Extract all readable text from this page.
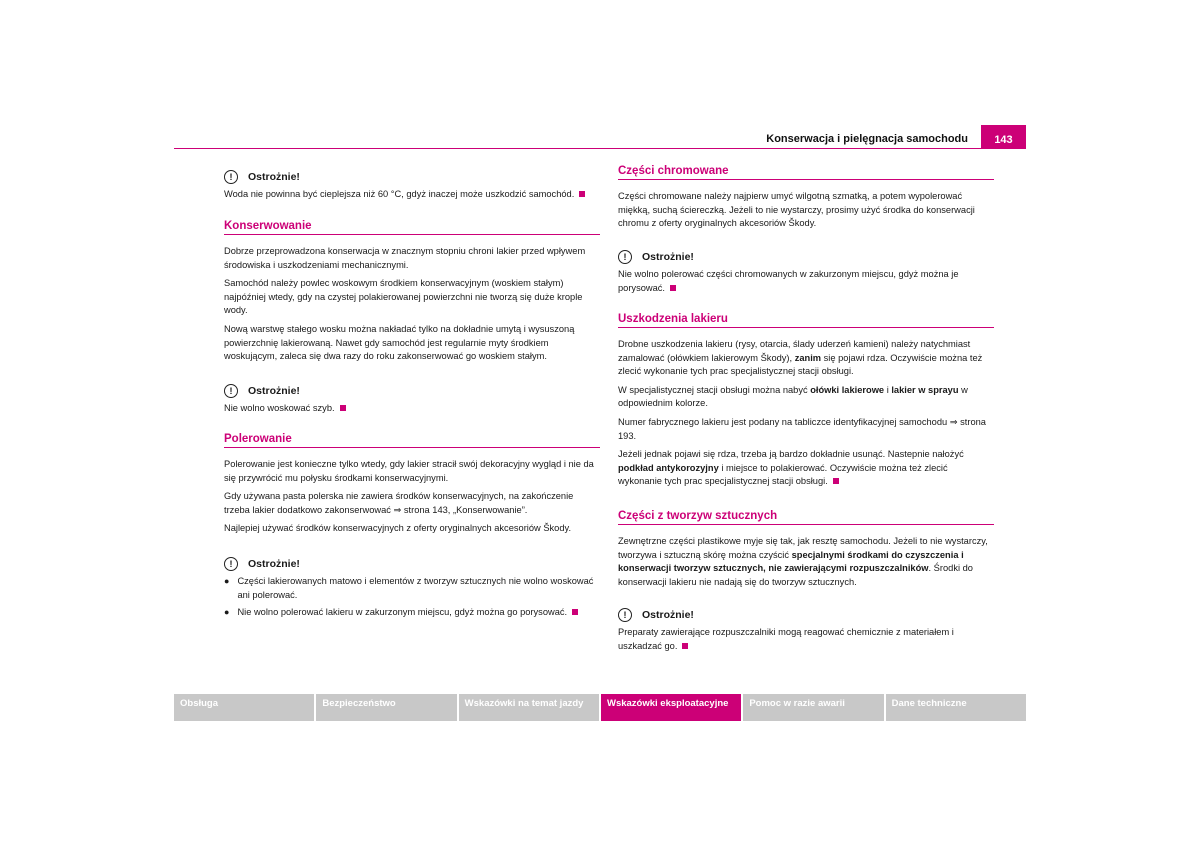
Konserwacja i pielęgnacja samochodu	143
!	Ostrożnie!

Woda nie powinna być cieplejsza niż 60 °C, gdyż inaczej może uszkodzić samochód.

Konserwowanie

Dobrze przeprowadzona konserwacja w znacznym stopniu chroni lakier przed wpływem środowiska i uszkodzeniami mechanicznymi.

Samochód należy powlec woskowym środkiem konserwacyjnym (woskiem stałym) najpóźniej wtedy, gdy na czystej polakierowanej powierzchni nie tworzą się duże krople wody.

Nową warstwę stałego wosku można nakładać tylko na dokładnie umytą i wysuszoną powierzchnię lakierowaną. Nawet gdy samochód jest regularnie myty środkiem woskującym, zaleca się dwa razy do roku zakonserwować go woskiem stałym.

!	Ostrożnie!

Nie wolno woskować szyb.

Polerowanie

Polerowanie jest konieczne tylko wtedy, gdy lakier stracił swój dekoracyjny wygląd i nie da się przywrócić mu połysku środkami konserwacyjnymi.

Gdy używana pasta polerska nie zawiera środków konserwacyjnych, na zakończenie trzeba lakier dodatkowo zakonserwować ⇒ strona 143, „Konserwowanie”.

Najlepiej używać środków konserwacyjnych z oferty oryginalnych akcesoriów Škody.

!	Ostrożnie!
● Części lakierowanych matowo i elementów z tworzyw sztucznych nie wolno woskować ani polerować.
● Nie wolno polerować lakieru w zakurzonym miejscu, gdyż można go porysować.
Części chromowane

Części chromowane należy najpierw umyć wilgotną szmatką, a potem wypolerować miękką, suchą ściereczką. Jeżeli to nie wystarczy, prosimy użyć środka do konserwacji chromu z oferty oryginalnych akcesoriów Škody.

!	Ostrożnie!

Nie wolno polerować części chromowanych w zakurzonym miejscu, gdyż można je porysować.

Uszkodzenia lakieru

Drobne uszkodzenia lakieru (rysy, otarcia, ślady uderzeń kamieni) należy natychmiast zamalować (ołówkiem lakierowym Škody), zanim się pojawi rdza. Oczywiście można też zlecić wykonanie tych prac specjalistycznej stacji obsługi.

W specjalistycznej stacji obsługi można nabyć ołówki lakierowe i lakier w sprayu w odpowiednim kolorze.

Numer fabrycznego lakieru jest podany na tabliczce identyfikacyjnej samochodu ⇒ strona 193.

Jeżeli jednak pojawi się rdza, trzeba ją bardzo dokładnie usunąć. Nastepnie nałożyć podkład antykorozyjny i miejsce to polakierować. Oczywiście można też zlecić wykonanie tych prac specjalistycznej stacji obsługi.

Części z tworzyw sztucznych

Zewnętrzne części plastikowe myje się tak, jak resztę samochodu. Jeżeli to nie wystarczy, tworzywa i sztuczną skórę można czyścić specjalnymi środkami do czyszczenia i konserwacji tworzyw sztucznych, nie zawierającymi rozpuszczalników. Środki do konserwacji lakieru nie nadają się do tworzyw sztucznych.

!	Ostrożnie!

Preparaty zawierające rozpuszczalniki mogą reagować chemicznie z materiałem i uszkadzać go.

Obsługa	Bezpieczeństwo	Wskazówki na temat jazdy	Wskazówki eksploatacyjne	Pomoc w razie awarii	Dane techniczne
